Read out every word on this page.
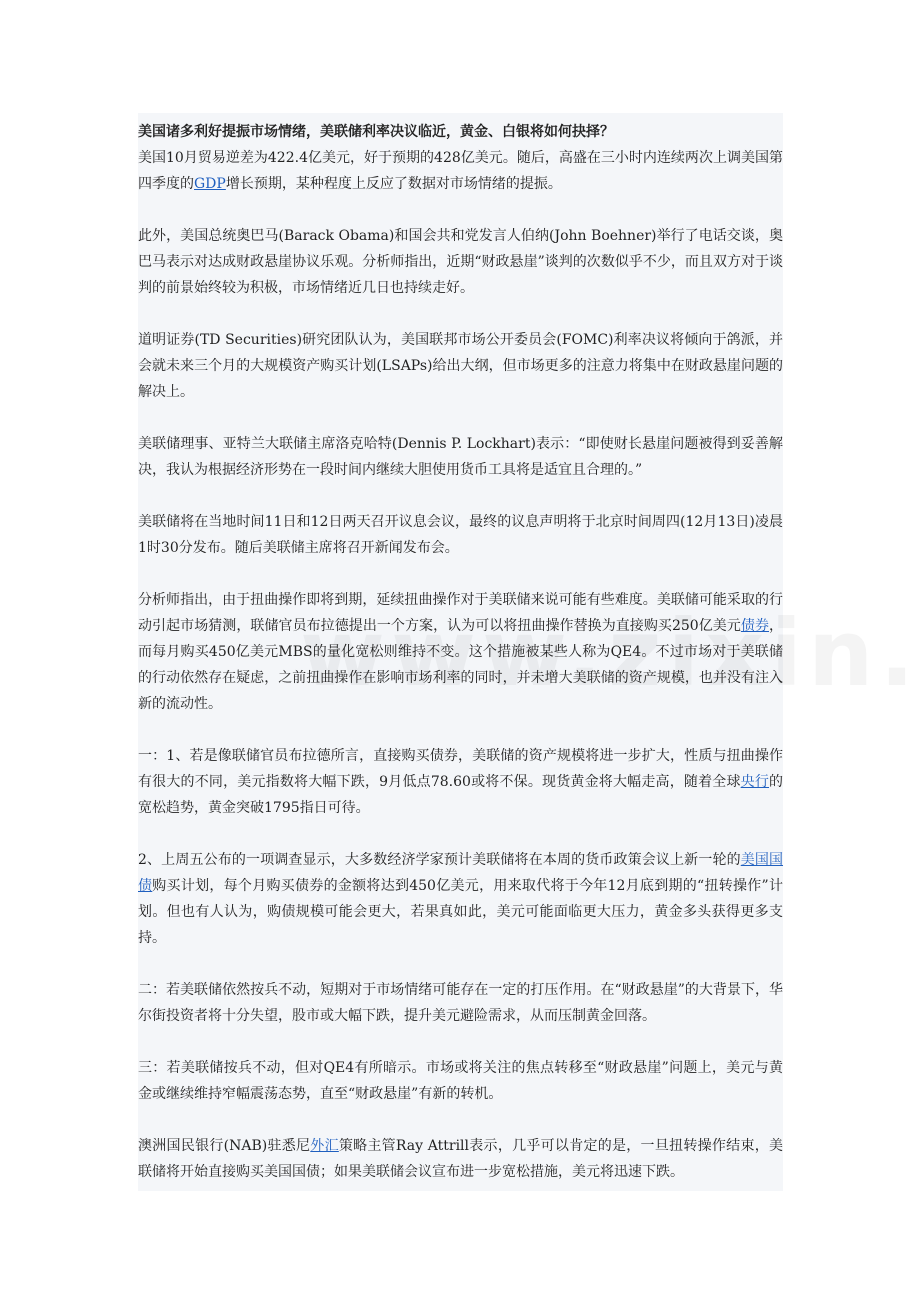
美国诸多利好提振市场情绪，美联储利率决议临近，黄金、白银将如何抉择？

美国10月贸易逆差为422.4亿美元，好于预期的428亿美元。随后，高盛在三小时内连续两次上调美国第四季度的GDP增长预期，某种程度上反应了数据对市场情绪的提振。

此外，美国总统奥巴马(Barack Obama)和国会共和党发言人伯纳(John Boehner)举行了电话交谈，奥巴马表示对达成财政悬崖协议乐观。分析师指出，近期“财政悬崖”谈判的次数似乎不少，而且双方对于谈判的前景始终较为积极，市场情绪近几日也持续走好。

道明证券(TD Securities)研究团队认为，美国联邦市场公开委员会(FOMC)利率决议将倾向于鸽派，并会就未来三个月的大规模资产购买计划(LSAPs)给出大纲，但市场更多的注意力将集中在财政悬崖问题的解决上。

美联储理事、亚特兰大联储主席洛克哈特(Dennis P. Lockhart)表示：“即使财长悬崖问题被得到妥善解决，我认为根据经济形势在一段时间内继续大胆使用货币工具将是适宜且合理的。”

美联储将在当地时间11日和12日两天召开议息会议，最终的议息声明将于北京时间周四(12月13日)凌晨1时30分发布。随后美联储主席将召开新闻发布会。

分析师指出，由于扭曲操作即将到期，延续扭曲操作对于美联储来说可能有些难度。美联储可能采取的行动引起市场猜测，联储官员布拉德提出一个方案，认为可以将扭曲操作替换为直接购买250亿美元债券，而每月购买450亿美元MBS的量化宽松则维持不变。这个措施被某些人称为QE4。不过市场对于美联储的行动依然存在疑虑，之前扭曲操作在影响市场利率的同时，并未增大美联储的资产规模，也并没有注入新的流动性。

一：1、若是像联储官员布拉德所言，直接购买债券，美联储的资产规模将进一步扩大，性质与扭曲操作有很大的不同，美元指数将大幅下跌，9月低点78.60或将不保。现货黄金将大幅走高，随着全球央行的宽松趋势，黄金突破1795指日可待。

2、上周五公布的一项调查显示，大多数经济学家预计美联储将在本周的货币政策会议上新一轮的美国国债购买计划，每个月购买债券的金额将达到450亿美元，用来取代将于今年12月底到期的“扭转操作”计划。但也有人认为，购债规模可能会更大，若果真如此，美元可能面临更大压力，黄金多头获得更多支持。

二：若美联储依然按兵不动，短期对于市场情绪可能存在一定的打压作用。在“财政悬崖”的大背景下，华尔街投资者将十分失望，股市或大幅下跌，提升美元避险需求，从而压制黄金回落。

三：若美联储按兵不动，但对QE4有所暗示。市场或将关注的焦点转移至“财政悬崖”问题上，美元与黄金或继续维持窄幅震荡态势，直至“财政悬崖”有新的转机。

澳洲国民银行(NAB)驻悉尼外汇策略主管Ray Attrill表示，几乎可以肯定的是，一旦扭转操作结束，美联储将开始直接购买美国国债；如果美联储会议宣布进一步宽松措施，美元将迅速下跌。
